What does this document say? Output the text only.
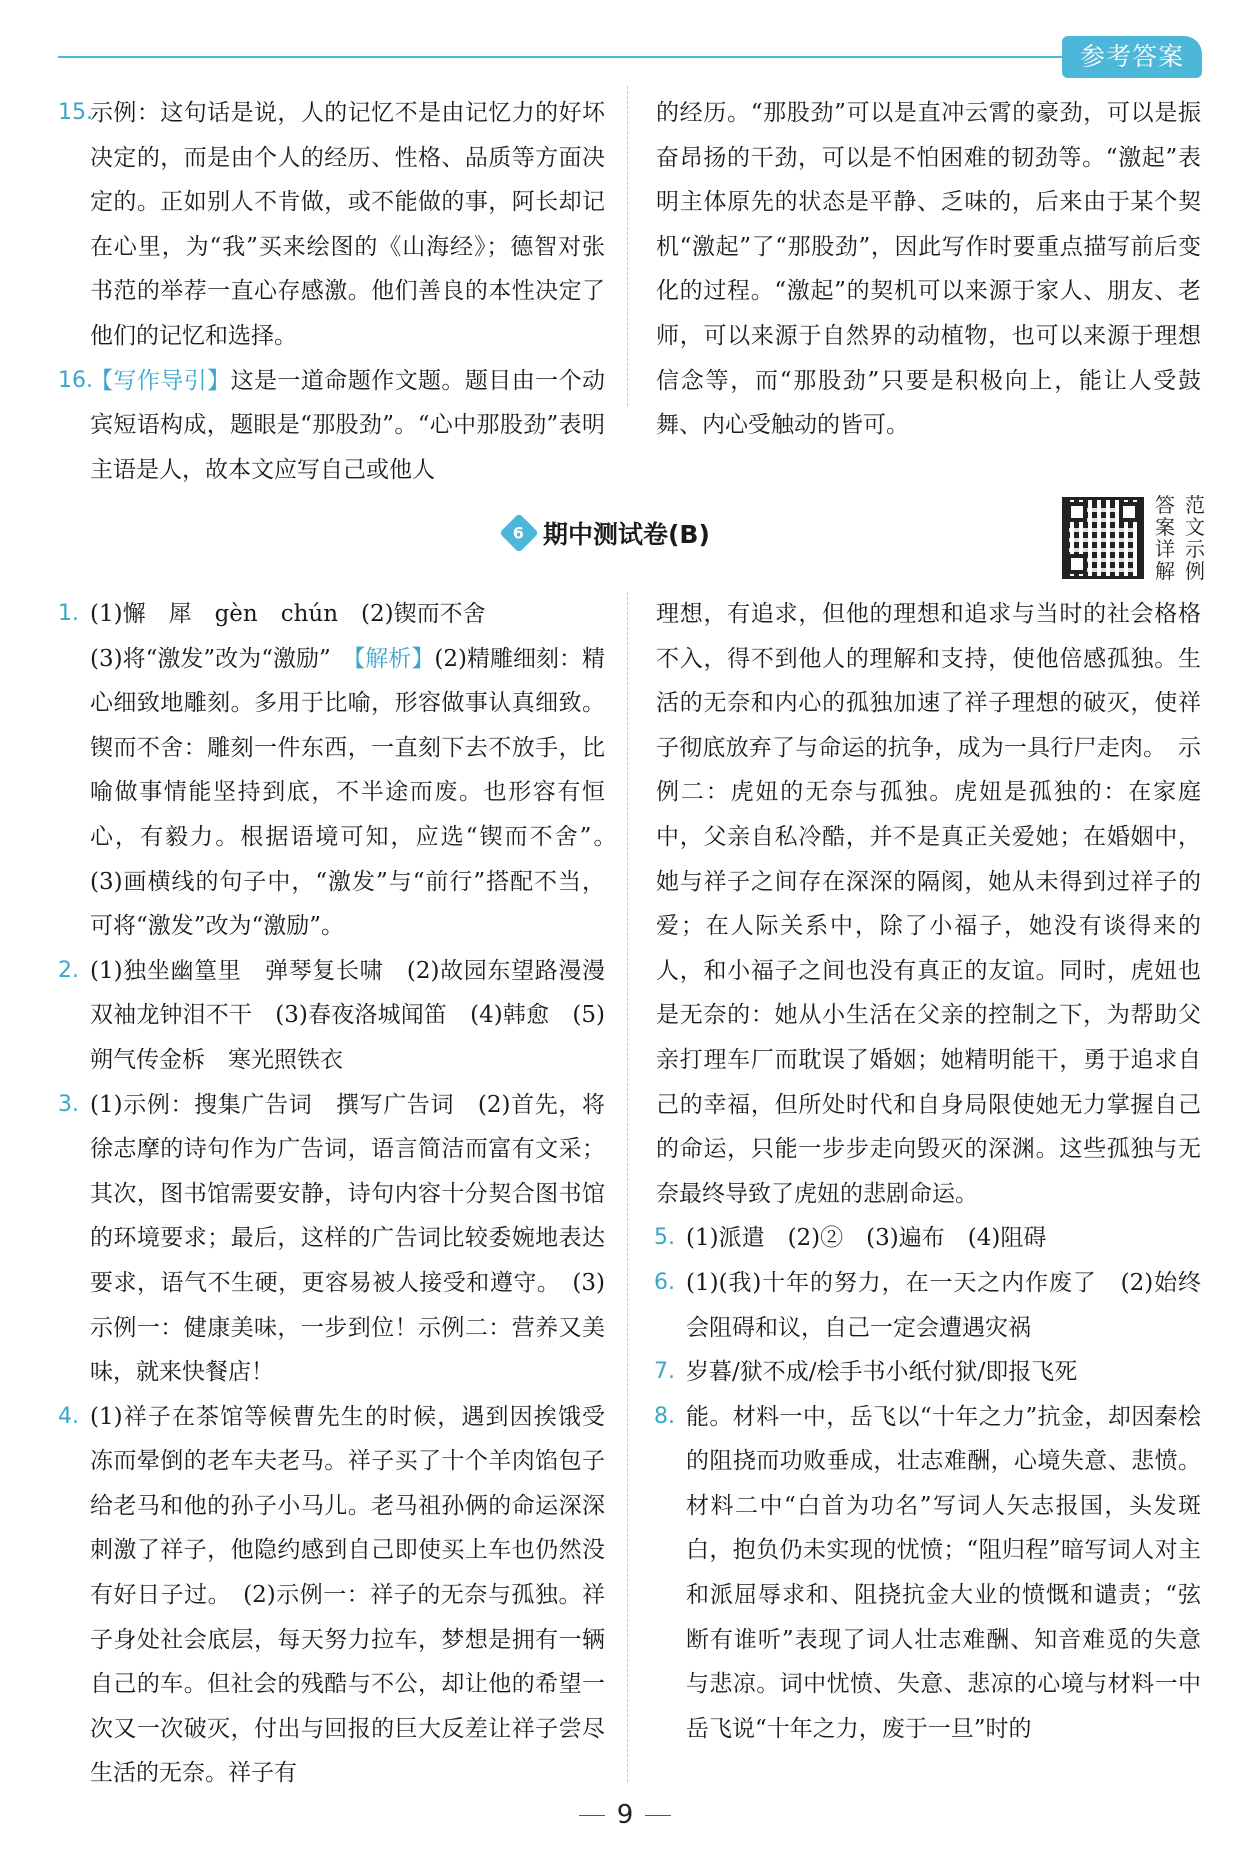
参考答案
15.

示例：这句话是说，人的记忆不是由记忆力的好坏决定的，而是由个人的经历、性格、品质等方面决定的。正如别人不肯做，或不能做的事，阿长却记在心里，为“我”买来绘图的《山海经》；德智对张书范的举荐一直心存感激。他们善良的本性决定了他们的记忆和选择。

16.

【写作导引】这是一道命题作文题。题目由一个动宾短语构成，题眼是“那股劲”。“心中那股劲”表明主语是人，故本文应写自己或他人

的经历。“那股劲”可以是直冲云霄的豪劲，可以是振奋昂扬的干劲，可以是不怕困难的韧劲等。“激起”表明主体原先的状态是平静、乏味的，后来由于某个契机“激起”了“那股劲”，因此写作时要重点描写前后变化的过程。“激起”的契机可以来源于家人、朋友、老师，可以来源于自然界的动植物，也可以来源于理想信念等，而“那股劲”只要是积极向上，能让人受鼓舞、内心受触动的皆可。

6 期中测试卷(B)
答案详解
范文示例
1. (1)懈　犀　gèn　chún　(2)锲而不舍

(3)将“激发”改为“激励”　 【解析】(2)精雕细刻：精心细致地雕刻。多用于比喻，形容做事认真细致。锲而不舍：雕刻一件东西，一直刻下去不放手，比喻做事情能坚持到底，不半途而废。也形容有恒心，有毅力。根据语境可知，应选“锲而不舍”。　(3)画横线的句子中，“激发”与“前行”搭配不当，可将“激发”改为“激励”。

2. (1)独坐幽篁里　弹琴复长啸　(2)故园东望路漫漫　双袖龙钟泪不干　(3)春夜洛城闻笛　(4)韩愈　(5)朔气传金柝　寒光照铁衣

3. (1)示例：搜集广告词　撰写广告词　(2)首先，将徐志摩的诗句作为广告词，语言简洁而富有文采；其次，图书馆需要安静，诗句内容十分契合图书馆的环境要求；最后，这样的广告词比较委婉地表达要求，语气不生硬，更容易被人接受和遵守。　(3)示例一：健康美味，一步到位！示例二：营养又美味，就来快餐店！

4. (1)祥子在茶馆等候曹先生的时候，遇到因挨饿受冻而晕倒的老车夫老马。祥子买了十个羊肉馅包子给老马和他的孙子小马儿。老马祖孙俩的命运深深刺激了祥子，他隐约感到自己即使买上车也仍然没有好日子过。　(2)示例一：祥子的无奈与孤独。祥子身处社会底层，每天努力拉车，梦想是拥有一辆自己的车。但社会的残酷与不公，却让他的希望一次又一次破灭，付出与回报的巨大反差让祥子尝尽生活的无奈。祥子有

理想，有追求，但他的理想和追求与当时的社会格格不入，得不到他人的理解和支持，使他倍感孤独。生活的无奈和内心的孤独加速了祥子理想的破灭，使祥子彻底放弃了与命运的抗争，成为一具行尸走肉。　示例二：虎妞的无奈与孤独。虎妞是孤独的：在家庭中，父亲自私冷酷，并不是真正关爱她；在婚姻中，她与祥子之间存在深深的隔阂，她从未得到过祥子的爱；在人际关系中，除了小福子，她没有谈得来的人，和小福子之间也没有真正的友谊。同时，虎妞也是无奈的：她从小生活在父亲的控制之下，为帮助父亲打理车厂而耽误了婚姻；她精明能干，勇于追求自己的幸福，但所处时代和自身局限使她无力掌握自己的命运，只能一步步走向毁灭的深渊。这些孤独与无奈最终导致了虎妞的悲剧命运。

5. (1)派遣　(2)②　(3)遍布　(4)阻碍

6. (1)(我)十年的努力，在一天之内作废了　(2)始终会阻碍和议，自己一定会遭遇灾祸

7. 岁暮/狱不成/桧手书小纸付狱/即报飞死

8. 能。材料一中，岳飞以“十年之力”抗金，却因秦桧的阻挠而功败垂成，壮志难酬，心境失意、悲愤。材料二中“白首为功名”写词人矢志报国，头发斑白，抱负仍未实现的忧愤；“阻归程”暗写词人对主和派屈辱求和、阻挠抗金大业的愤慨和谴责；“弦断有谁听”表现了词人壮志难酬、知音难觅的失意与悲凉。词中忧愤、失意、悲凉的心境与材料一中岳飞说“十年之力，废于一旦”时的

9
